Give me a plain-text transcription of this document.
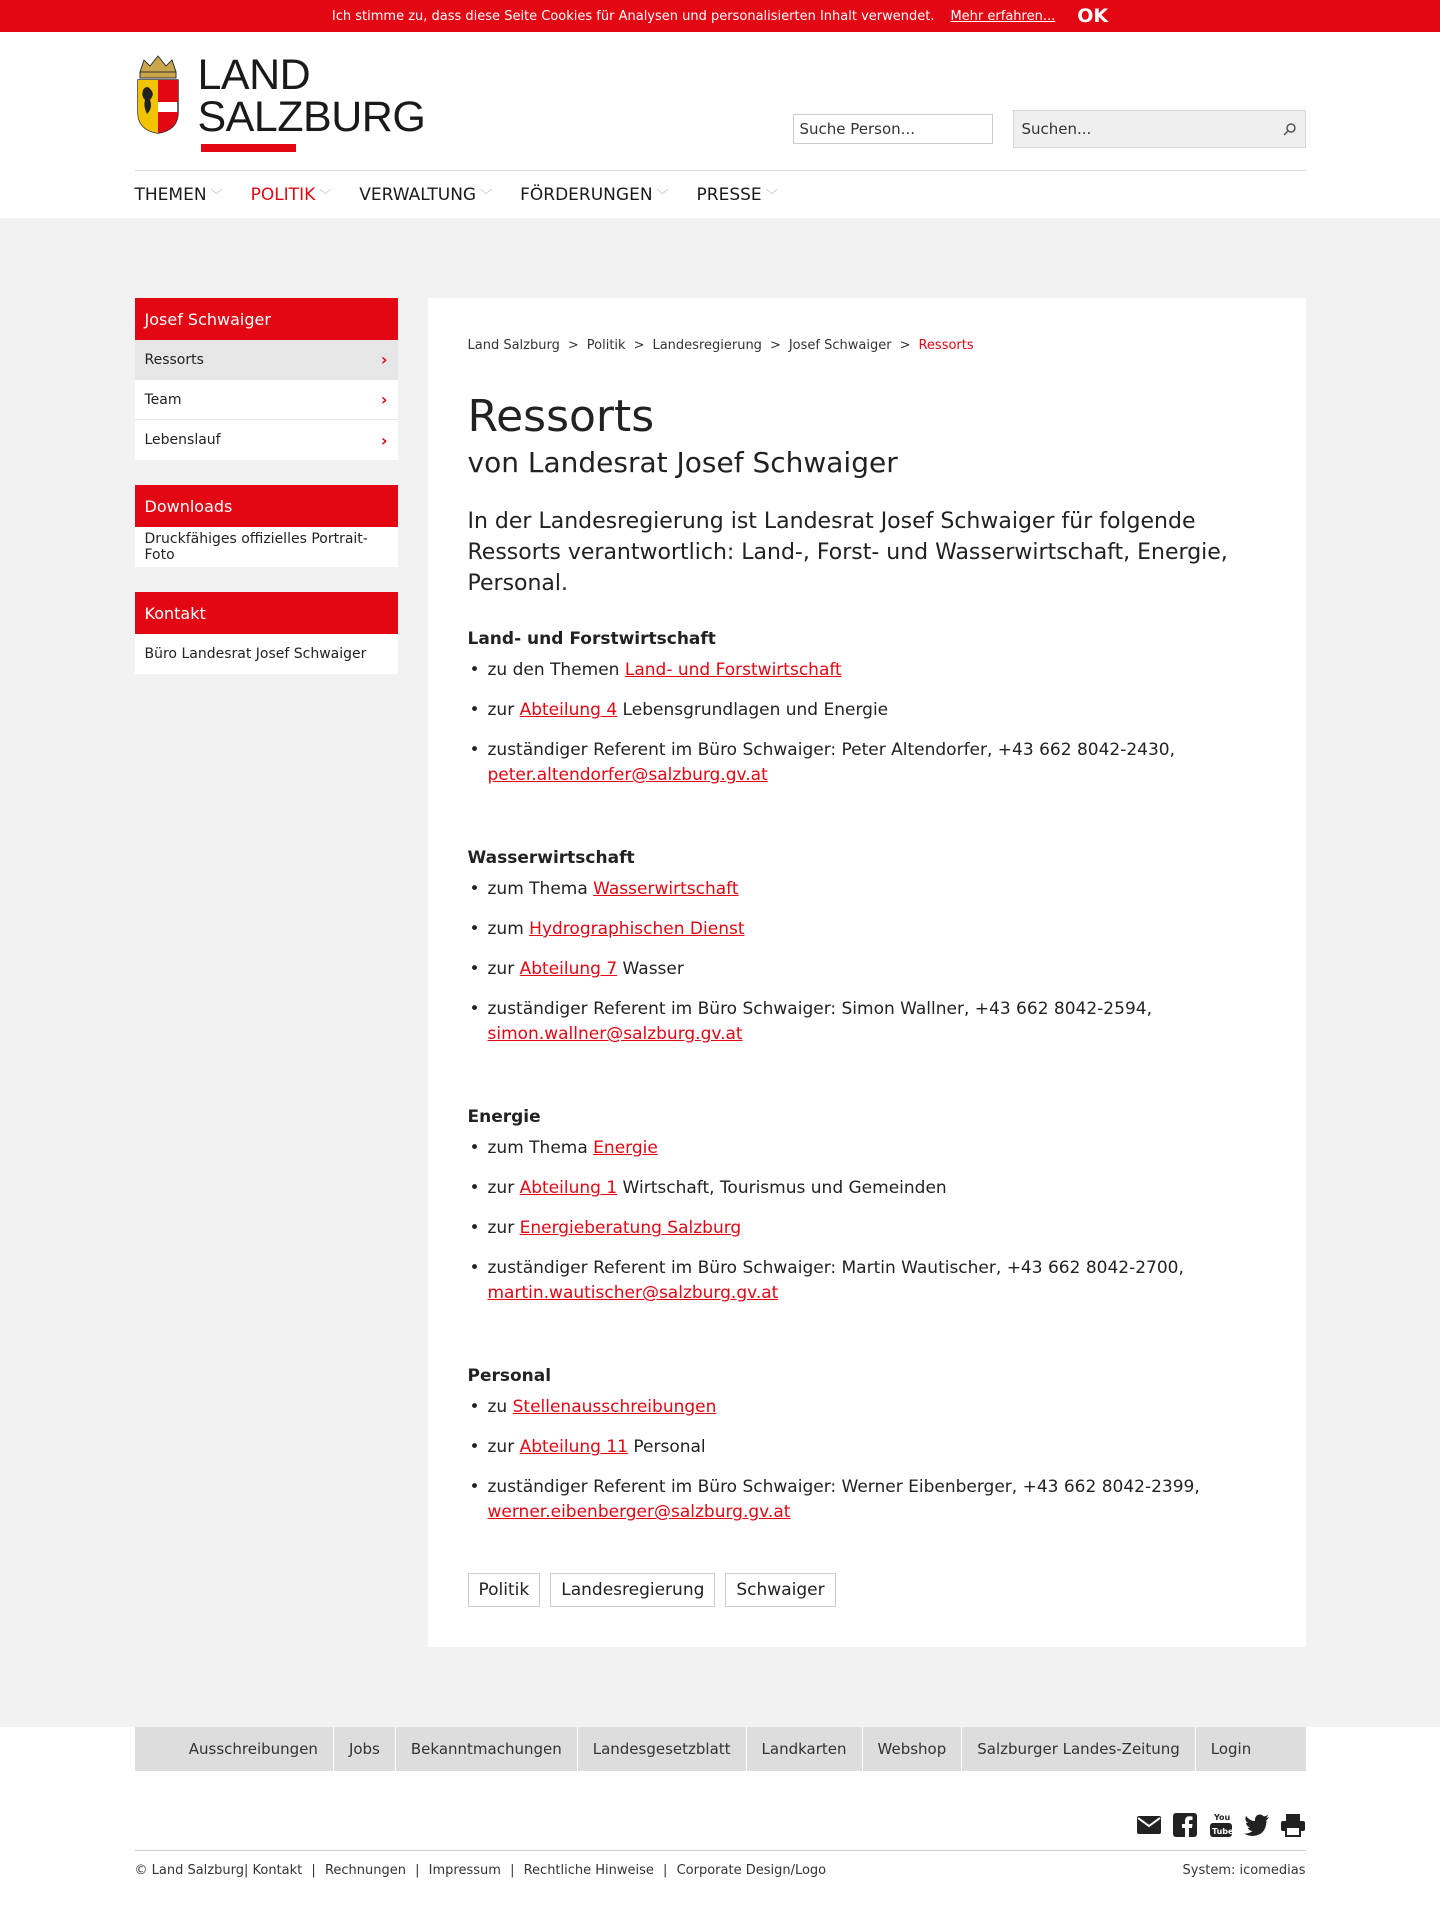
Ich stimme zu, dass diese Seite Cookies für Analysen und personalisierten Inhalt verwendet. Mehr erfahren... OK
LAND
SALZBURG
Suche Person...
Suchen...
THEMEN ﹀ POLITIK ﹀ VERWALTUNG ﹀ FÖRDERUNGEN ﹀ PRESSE ﹀
Josef Schwaiger
Ressorts	›
Team	›
Lebenslauf	›
Downloads
Druckfähiges offizielles Portrait-Foto
Kontakt
Büro Landesrat Josef Schwaiger
Land Salzburg > Politik > Landesregierung > Josef Schwaiger > Ressorts
Ressorts
von Landesrat Josef Schwaiger

In der Landesregierung ist Landesrat Josef Schwaiger für folgende Ressorts verantwortlich: Land-, Forst- und Wasserwirtschaft, Energie, Personal.

Land- und Forstwirtschaft
• zu den Themen Land- und Forstwirtschaft
• zur Abteilung 4 Lebensgrundlagen und Energie
• zuständiger Referent im Büro Schwaiger: Peter Altendorfer, +43 662 8042-2430,
peter.altendorfer@salzburg.gv.at
Wasserwirtschaft
• zum Thema Wasserwirtschaft
• zum Hydrographischen Dienst
• zur Abteilung 7 Wasser
• zuständiger Referent im Büro Schwaiger: Simon Wallner, +43 662 8042-2594,
simon.wallner@salzburg.gv.at
Energie
• zum Thema Energie
• zur Abteilung 1 Wirtschaft, Tourismus und Gemeinden
• zur Energieberatung Salzburg
• zuständiger Referent im Büro Schwaiger: Martin Wautischer, +43 662 8042-2700,
martin.wautischer@salzburg.gv.at
Personal
• zu Stellenausschreibungen
• zur Abteilung 11 Personal
• zuständiger Referent im Büro Schwaiger: Werner Eibenberger, +43 662 8042-2399,
werner.eibenberger@salzburg.gv.at
Politik	Landesregierung	Schwaiger
Ausschreibungen	Jobs	Bekanntmachungen	Landesgesetzblatt	Landkarten	Webshop	Salzburger Landes-Zeitung	Login
You
Tube
© Land Salzburg| Kontakt | Rechnungen | Impressum | Rechtliche Hinweise | Corporate Design/Logo	System: icomedias
